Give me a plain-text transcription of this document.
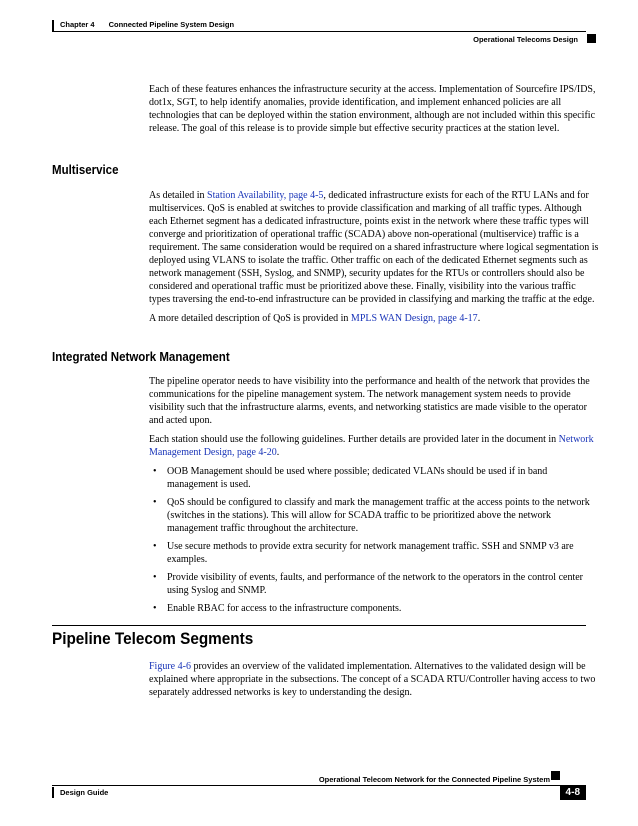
Chapter 4 Connected Pipeline System Design
Operational Telecoms Design

Each of these features enhances the infrastructure security at the access. Implementation of Sourcefire IPS/IDS, dot1x, SGT, to help identify anomalies, provide identification, and implement enhanced policies are all technologies that can be deployed within the station environment, although are not included within this specific release. The goal of this release is to provide simple but effective security practices at the station level.

Multiservice

As detailed in Station Availability, page 4-5, dedicated infrastructure exists for each of the RTU LANs and for multiservices. QoS is enabled at switches to provide classification and marking of all traffic types. Although each Ethernet segment has a dedicated infrastructure, points exist in the network where these traffic types will converge and prioritization of operational traffic (SCADA) above non-operational (multiservice) traffic is a requirement. The same consideration would be required on a shared infrastructure where logical segmentation is deployed using VLANS to isolate the traffic. Other traffic on each of the dedicated Ethernet segments such as network management (SSH, Syslog, and SNMP), security updates for the RTUs or controllers should also be considered and operational traffic must be prioritized above these. Finally, visibility into the various traffic types traversing the end-to-end infrastructure can be provided in classifying and marking the traffic at the edge.

A more detailed description of QoS is provided in MPLS WAN Design, page 4-17.

Integrated Network Management

The pipeline operator needs to have visibility into the performance and health of the network that provides the communications for the pipeline management system. The network management system needs to provide visibility such that the infrastructure alarms, events, and networking statistics are made visible to the operator and acted upon.

Each station should use the following guidelines. Further details are provided later in the document in Network Management Design, page 4-20.

• OOB Management should be used where possible; dedicated VLANs should be used if in band management is used.
• QoS should be configured to classify and mark the management traffic at the access points to the network (switches in the stations). This will allow for SCADA traffic to be prioritized above the network management traffic throughout the architecture.
• Use secure methods to provide extra security for network management traffic. SSH and SNMP v3 are examples.
• Provide visibility of events, faults, and performance of the network to the operators in the control center using Syslog and SNMP.
• Enable RBAC for access to the infrastructure components.
Pipeline Telecom Segments

Figure 4-6 provides an overview of the validated implementation. Alternatives to the validated design will be explained where appropriate in the subsections. The concept of a SCADA RTU/Controller having access to two separately addressed networks is key to understanding the design.

Operational Telecom Network for the Connected Pipeline System
Design Guide	4-8
